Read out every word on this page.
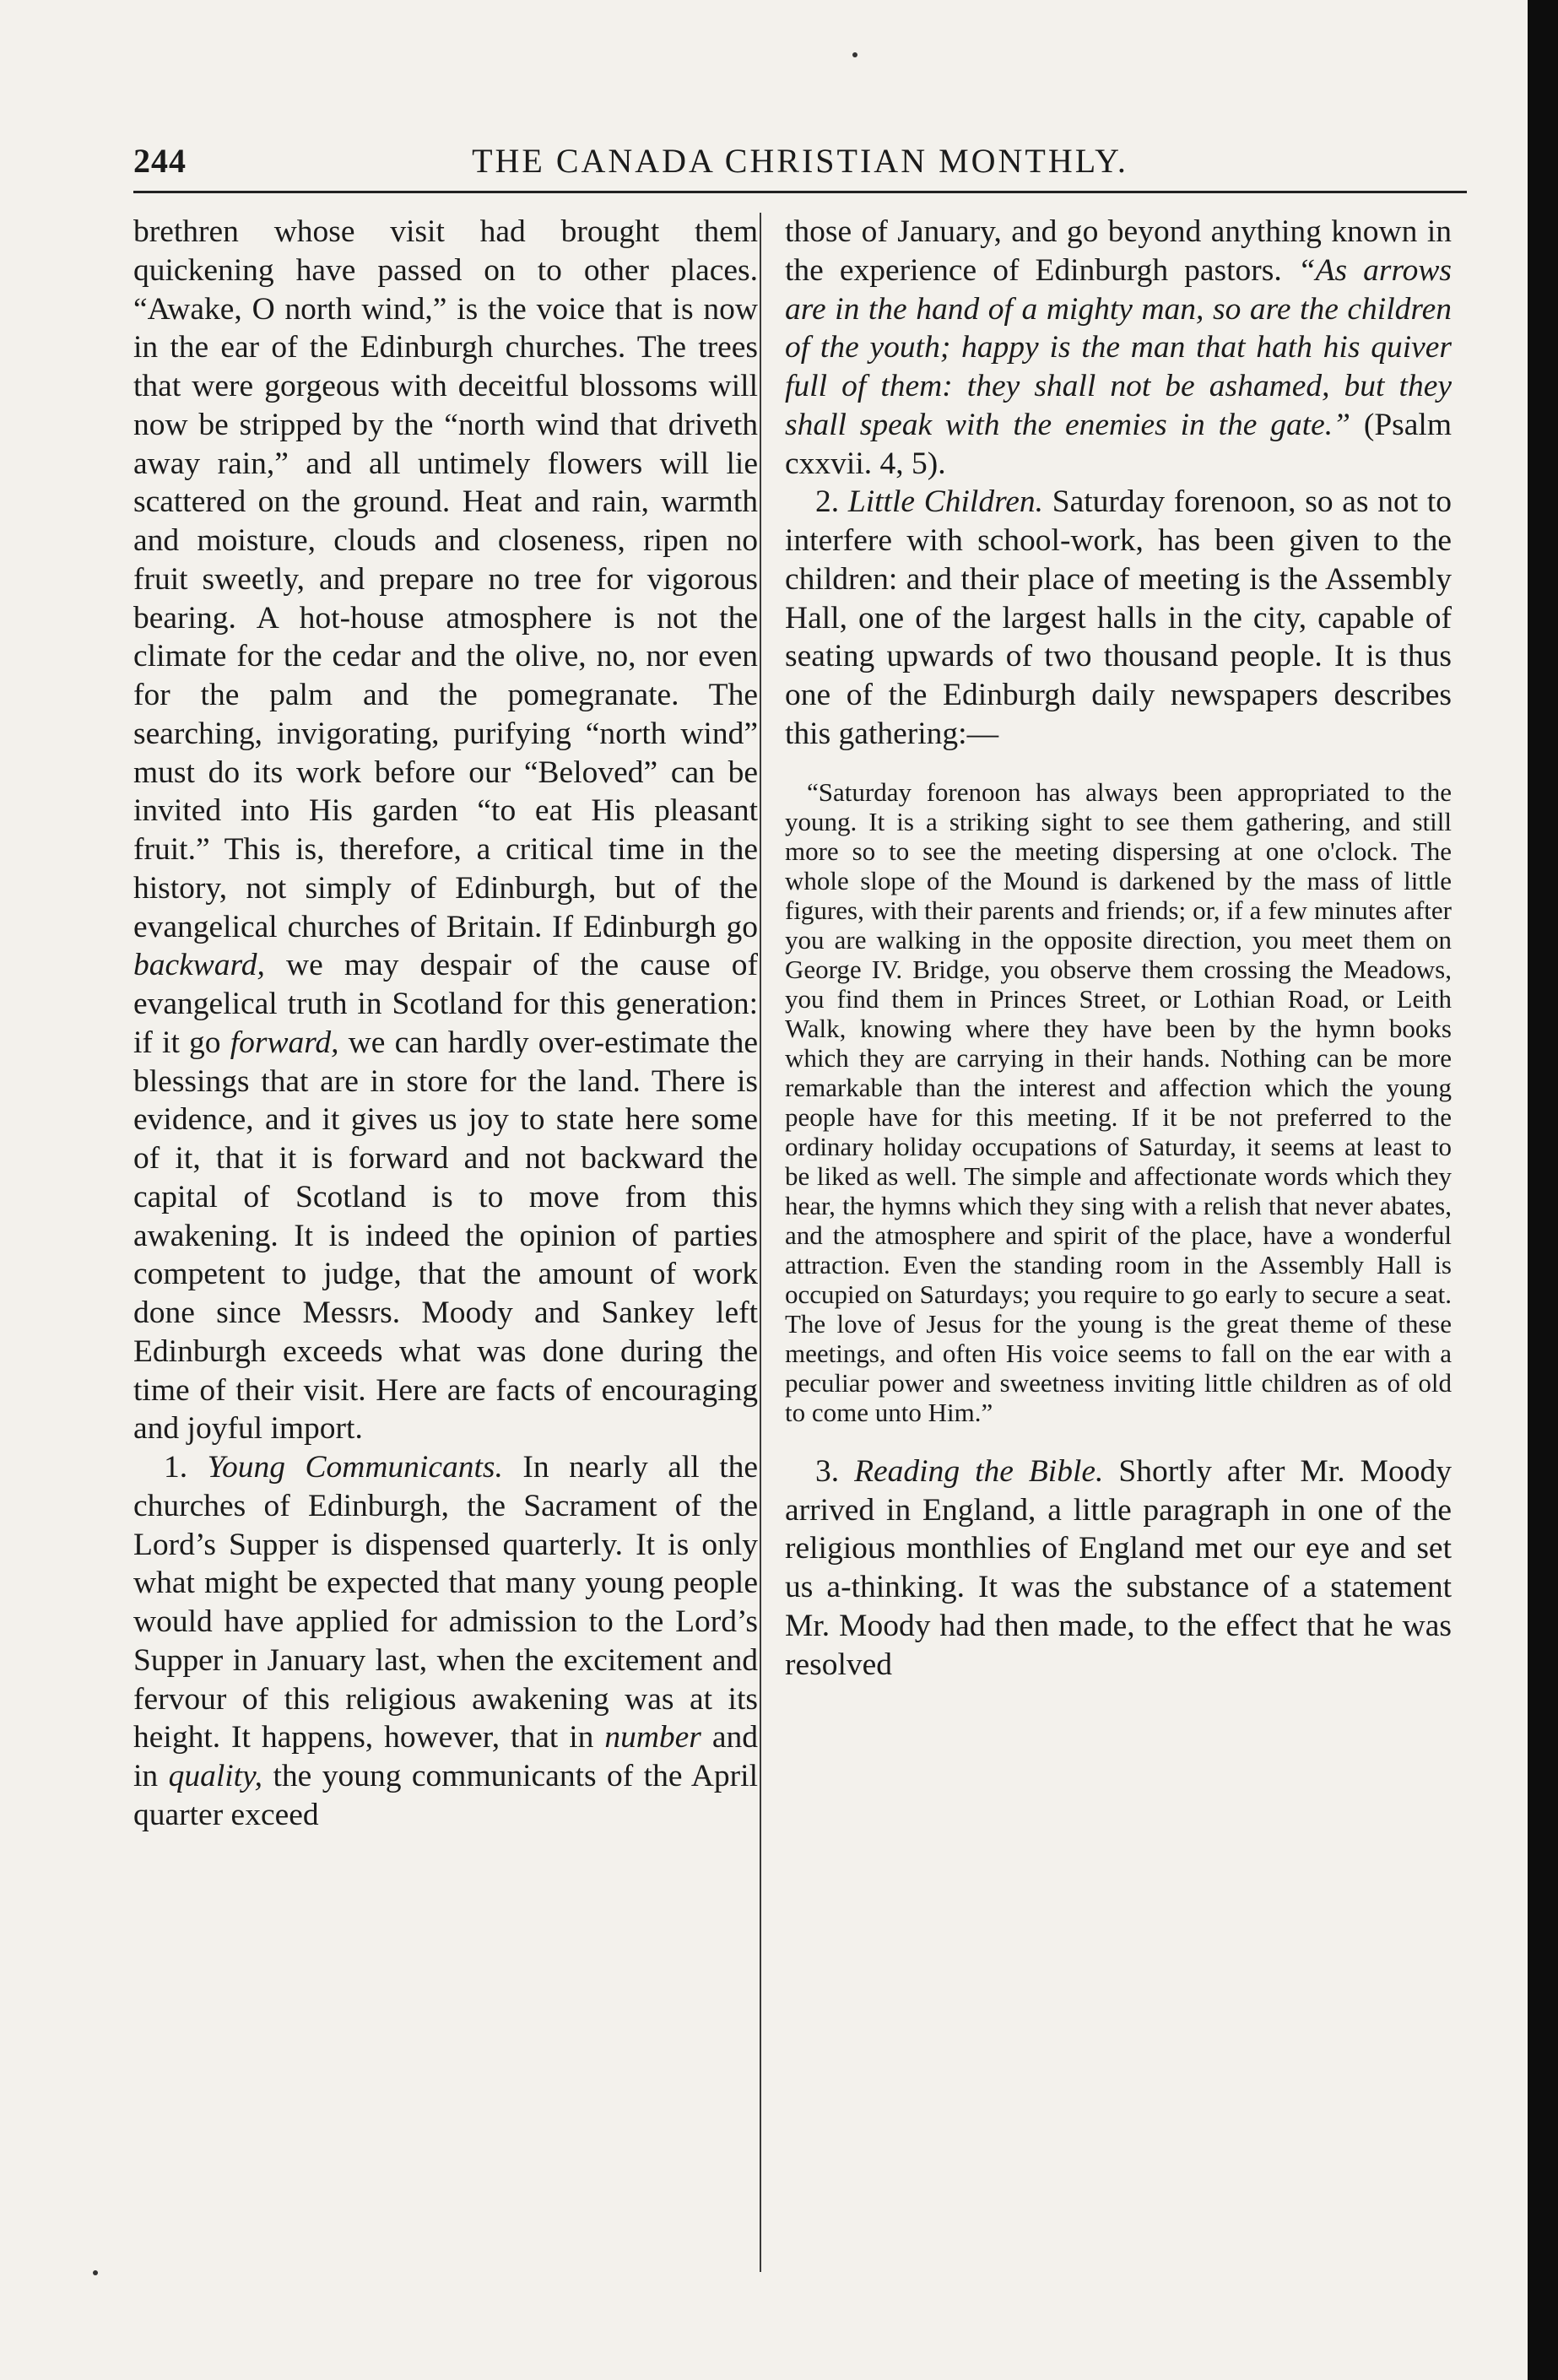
244	THE CANADA CHRISTIAN MONTHLY.

brethren whose visit had brought them quickening have passed on to other places. “Awake, O north wind,” is the voice that is now in the ear of the Edinburgh churches. The trees that were gorgeous with deceitful blossoms will now be stripped by the “north wind that driveth away rain,” and all untimely flowers will lie scattered on the ground. Heat and rain, warmth and moisture, clouds and closeness, ripen no fruit sweetly, and prepare no tree for vigorous bearing. A hot-house atmosphere is not the climate for the cedar and the olive, no, nor even for the palm and the pomegranate. The searching, invigorating, purifying “north wind” must do its work before our “Beloved” can be invited into His garden “to eat His pleasant fruit.” This is, therefore, a critical time in the history, not simply of Edinburgh, but of the evangelical churches of Britain. If Edinburgh go backward, we may despair of the cause of evangelical truth in Scotland for this generation: if it go forward, we can hardly over-estimate the blessings that are in store for the land. There is evidence, and it gives us joy to state here some of it, that it is forward and not backward the capital of Scotland is to move from this awakening. It is indeed the opinion of parties competent to judge, that the amount of work done since Messrs. Moody and Sankey left Edinburgh exceeds what was done during the time of their visit. Here are facts of encouraging and joyful import.

1. Young Communicants. In nearly all the churches of Edinburgh, the Sacrament of the Lord’s Supper is dispensed quarterly. It is only what might be expected that many young people would have applied for admission to the Lord’s Supper in January last, when the excitement and fervour of this religious awakening was at its height. It happens, however, that in number and in quality, the young communicants of the April quarter exceed

those of January, and go beyond anything known in the experience of Edinburgh pastors. “As arrows are in the hand of a mighty man, so are the children of the youth; happy is the man that hath his quiver full of them: they shall not be ashamed, but they shall speak with the enemies in the gate.” (Psalm cxxvii. 4, 5).

2. Little Children. Saturday forenoon, so as not to interfere with school-work, has been given to the children: and their place of meeting is the Assembly Hall, one of the largest halls in the city, capable of seating upwards of two thousand people. It is thus one of the Edinburgh daily newspapers describes this gathering:—

“Saturday forenoon has always been appropriated to the young. It is a striking sight to see them gathering, and still more so to see the meeting dispersing at one o'clock. The whole slope of the Mound is darkened by the mass of little figures, with their parents and friends; or, if a few minutes after you are walking in the opposite direction, you meet them on George IV. Bridge, you observe them crossing the Meadows, you find them in Princes Street, or Lothian Road, or Leith Walk, knowing where they have been by the hymn books which they are carrying in their hands. Nothing can be more remarkable than the interest and affection which the young people have for this meeting. If it be not preferred to the ordinary holiday occupations of Saturday, it seems at least to be liked as well. The simple and affectionate words which they hear, the hymns which they sing with a relish that never abates, and the atmosphere and spirit of the place, have a wonderful attraction. Even the standing room in the Assembly Hall is occupied on Saturdays; you require to go early to secure a seat. The love of Jesus for the young is the great theme of these meetings, and often His voice seems to fall on the ear with a peculiar power and sweetness inviting little children as of old to come unto Him.”

3. Reading the Bible. Shortly after Mr. Moody arrived in England, a little paragraph in one of the religious monthlies of England met our eye and set us a-thinking. It was the substance of a statement Mr. Moody had then made, to the effect that he was resolved
